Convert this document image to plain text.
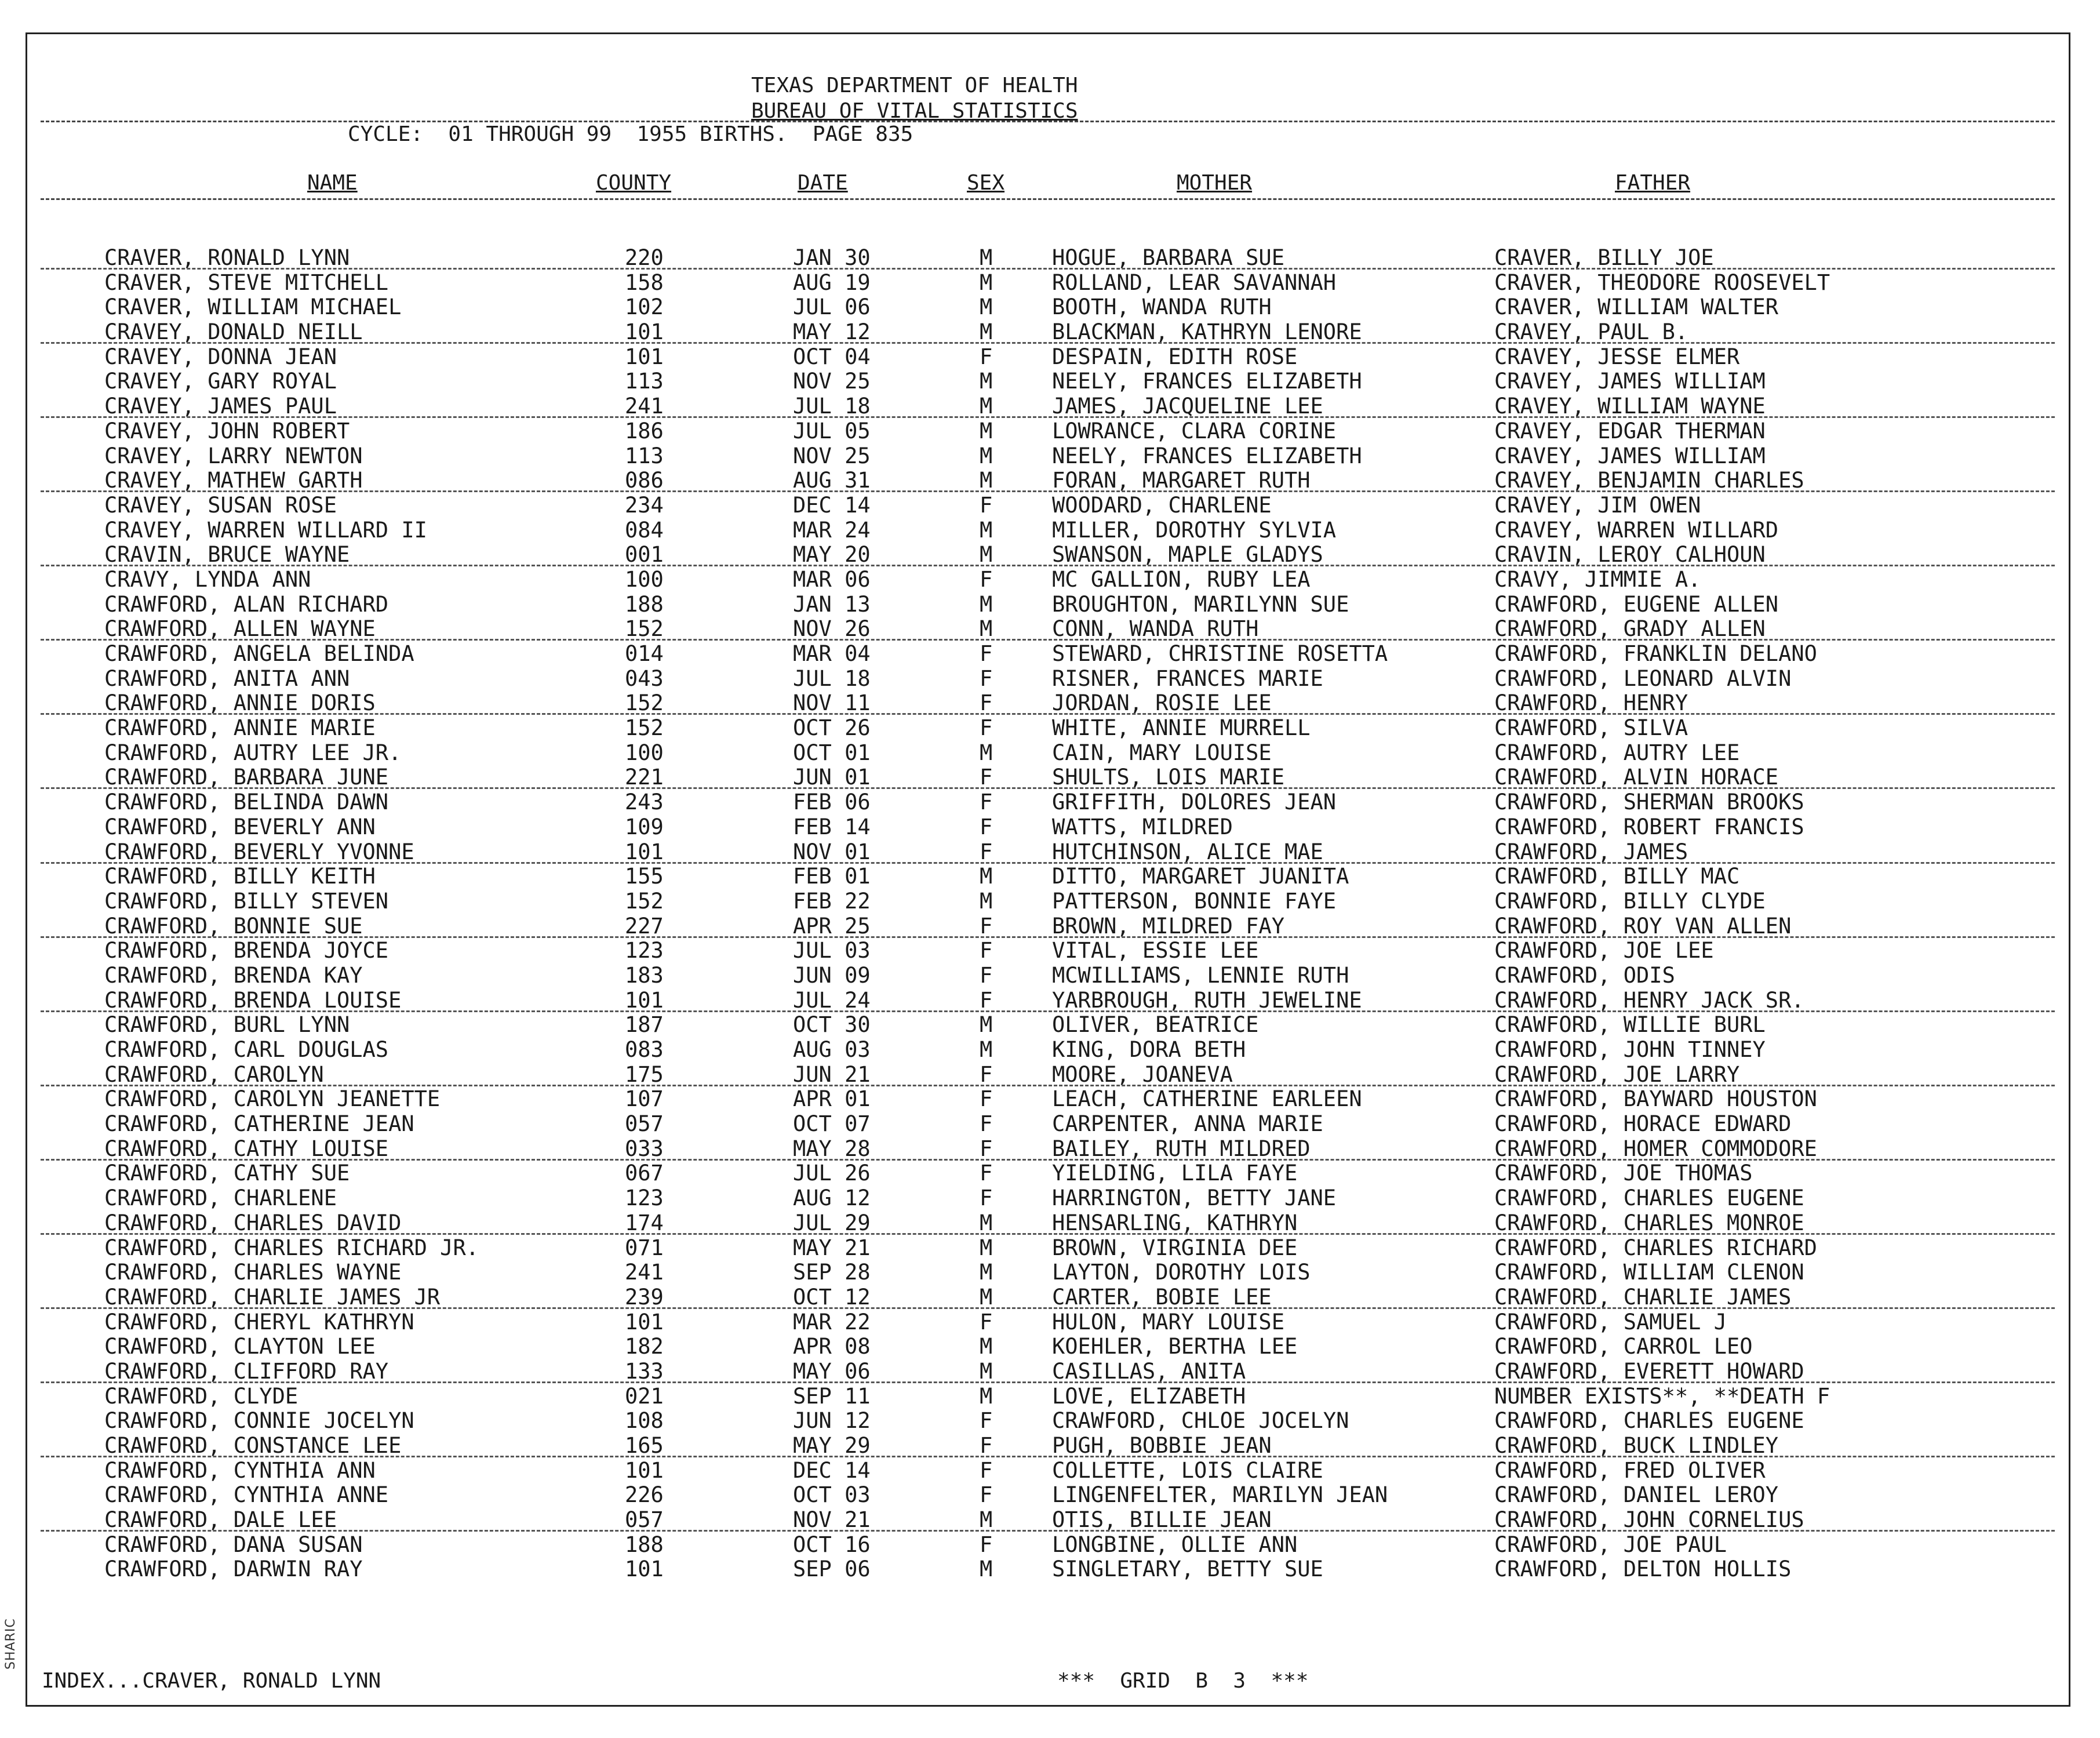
SHARIC
TEXAS DEPARTMENT OF HEALTH
BUREAU OF VITAL STATISTICS
CYCLE:  01 THROUGH 99  1955 BIRTHS.  PAGE 835
NAME	COUNTY	DATE	SEX	MOTHER	FATHER
CRAVER, RONALD LYNN	220	JAN 30	M	HOGUE, BARBARA SUE	CRAVER, BILLY JOE
CRAVER, STEVE MITCHELL	158	AUG 19	M	ROLLAND, LEAR SAVANNAH	CRAVER, THEODORE ROOSEVELT
CRAVER, WILLIAM MICHAEL	102	JUL 06	M	BOOTH, WANDA RUTH	CRAVER, WILLIAM WALTER
CRAVEY, DONALD NEILL	101	MAY 12	M	BLACKMAN, KATHRYN LENORE	CRAVEY, PAUL B.
CRAVEY, DONNA JEAN	101	OCT 04	F	DESPAIN, EDITH ROSE	CRAVEY, JESSE ELMER
CRAVEY, GARY ROYAL	113	NOV 25	M	NEELY, FRANCES ELIZABETH	CRAVEY, JAMES WILLIAM
CRAVEY, JAMES PAUL	241	JUL 18	M	JAMES, JACQUELINE LEE	CRAVEY, WILLIAM WAYNE
CRAVEY, JOHN ROBERT	186	JUL 05	M	LOWRANCE, CLARA CORINE	CRAVEY, EDGAR THERMAN
CRAVEY, LARRY NEWTON	113	NOV 25	M	NEELY, FRANCES ELIZABETH	CRAVEY, JAMES WILLIAM
CRAVEY, MATHEW GARTH	086	AUG 31	M	FORAN, MARGARET RUTH	CRAVEY, BENJAMIN CHARLES
CRAVEY, SUSAN ROSE	234	DEC 14	F	WOODARD, CHARLENE	CRAVEY, JIM OWEN
CRAVEY, WARREN WILLARD II	084	MAR 24	M	MILLER, DOROTHY SYLVIA	CRAVEY, WARREN WILLARD
CRAVIN, BRUCE WAYNE	001	MAY 20	M	SWANSON, MAPLE GLADYS	CRAVIN, LEROY CALHOUN
CRAVY, LYNDA ANN	100	MAR 06	F	MC GALLION, RUBY LEA	CRAVY, JIMMIE A.
CRAWFORD, ALAN RICHARD	188	JAN 13	M	BROUGHTON, MARILYNN SUE	CRAWFORD, EUGENE ALLEN
CRAWFORD, ALLEN WAYNE	152	NOV 26	M	CONN, WANDA RUTH	CRAWFORD, GRADY ALLEN
CRAWFORD, ANGELA BELINDA	014	MAR 04	F	STEWARD, CHRISTINE ROSETTA	CRAWFORD, FRANKLIN DELANO
CRAWFORD, ANITA ANN	043	JUL 18	F	RISNER, FRANCES MARIE	CRAWFORD, LEONARD ALVIN
CRAWFORD, ANNIE DORIS	152	NOV 11	F	JORDAN, ROSIE LEE	CRAWFORD, HENRY
CRAWFORD, ANNIE MARIE	152	OCT 26	F	WHITE, ANNIE MURRELL	CRAWFORD, SILVA
CRAWFORD, AUTRY LEE JR.	100	OCT 01	M	CAIN, MARY LOUISE	CRAWFORD, AUTRY LEE
CRAWFORD, BARBARA JUNE	221	JUN 01	F	SHULTS, LOIS MARIE	CRAWFORD, ALVIN HORACE
CRAWFORD, BELINDA DAWN	243	FEB 06	F	GRIFFITH, DOLORES JEAN	CRAWFORD, SHERMAN BROOKS
CRAWFORD, BEVERLY ANN	109	FEB 14	F	WATTS, MILDRED	CRAWFORD, ROBERT FRANCIS
CRAWFORD, BEVERLY YVONNE	101	NOV 01	F	HUTCHINSON, ALICE MAE	CRAWFORD, JAMES
CRAWFORD, BILLY KEITH	155	FEB 01	M	DITTO, MARGARET JUANITA	CRAWFORD, BILLY MAC
CRAWFORD, BILLY STEVEN	152	FEB 22	M	PATTERSON, BONNIE FAYE	CRAWFORD, BILLY CLYDE
CRAWFORD, BONNIE SUE	227	APR 25	F	BROWN, MILDRED FAY	CRAWFORD, ROY VAN ALLEN
CRAWFORD, BRENDA JOYCE	123	JUL 03	F	VITAL, ESSIE LEE	CRAWFORD, JOE LEE
CRAWFORD, BRENDA KAY	183	JUN 09	F	MCWILLIAMS, LENNIE RUTH	CRAWFORD, ODIS
CRAWFORD, BRENDA LOUISE	101	JUL 24	F	YARBROUGH, RUTH JEWELINE	CRAWFORD, HENRY JACK SR.
CRAWFORD, BURL LYNN	187	OCT 30	M	OLIVER, BEATRICE	CRAWFORD, WILLIE BURL
CRAWFORD, CARL DOUGLAS	083	AUG 03	M	KING, DORA BETH	CRAWFORD, JOHN TINNEY
CRAWFORD, CAROLYN	175	JUN 21	F	MOORE, JOANEVA	CRAWFORD, JOE LARRY
CRAWFORD, CAROLYN JEANETTE	107	APR 01	F	LEACH, CATHERINE EARLEEN	CRAWFORD, BAYWARD HOUSTON
CRAWFORD, CATHERINE JEAN	057	OCT 07	F	CARPENTER, ANNA MARIE	CRAWFORD, HORACE EDWARD
CRAWFORD, CATHY LOUISE	033	MAY 28	F	BAILEY, RUTH MILDRED	CRAWFORD, HOMER COMMODORE
CRAWFORD, CATHY SUE	067	JUL 26	F	YIELDING, LILA FAYE	CRAWFORD, JOE THOMAS
CRAWFORD, CHARLENE	123	AUG 12	F	HARRINGTON, BETTY JANE	CRAWFORD, CHARLES EUGENE
CRAWFORD, CHARLES DAVID	174	JUL 29	M	HENSARLING, KATHRYN	CRAWFORD, CHARLES MONROE
CRAWFORD, CHARLES RICHARD JR.	071	MAY 21	M	BROWN, VIRGINIA DEE	CRAWFORD, CHARLES RICHARD
CRAWFORD, CHARLES WAYNE	241	SEP 28	M	LAYTON, DOROTHY LOIS	CRAWFORD, WILLIAM CLENON
CRAWFORD, CHARLIE JAMES JR	239	OCT 12	M	CARTER, BOBIE LEE	CRAWFORD, CHARLIE JAMES
CRAWFORD, CHERYL KATHRYN	101	MAR 22	F	HULON, MARY LOUISE	CRAWFORD, SAMUEL J
CRAWFORD, CLAYTON LEE	182	APR 08	M	KOEHLER, BERTHA LEE	CRAWFORD, CARROL LEO
CRAWFORD, CLIFFORD RAY	133	MAY 06	M	CASILLAS, ANITA	CRAWFORD, EVERETT HOWARD
CRAWFORD, CLYDE	021	SEP 11	M	LOVE, ELIZABETH	NUMBER EXISTS**, **DEATH F
CRAWFORD, CONNIE JOCELYN	108	JUN 12	F	CRAWFORD, CHLOE JOCELYN	CRAWFORD, CHARLES EUGENE
CRAWFORD, CONSTANCE LEE	165	MAY 29	F	PUGH, BOBBIE JEAN	CRAWFORD, BUCK LINDLEY
CRAWFORD, CYNTHIA ANN	101	DEC 14	F	COLLETTE, LOIS CLAIRE	CRAWFORD, FRED OLIVER
CRAWFORD, CYNTHIA ANNE	226	OCT 03	F	LINGENFELTER, MARILYN JEAN	CRAWFORD, DANIEL LEROY
CRAWFORD, DALE LEE	057	NOV 21	M	OTIS, BILLIE JEAN	CRAWFORD, JOHN CORNELIUS
CRAWFORD, DANA SUSAN	188	OCT 16	F	LONGBINE, OLLIE ANN	CRAWFORD, JOE PAUL
CRAWFORD, DARWIN RAY	101	SEP 06	M	SINGLETARY, BETTY SUE	CRAWFORD, DELTON HOLLIS
INDEX...CRAVER, RONALD LYNN	***  GRID  B  3  ***
